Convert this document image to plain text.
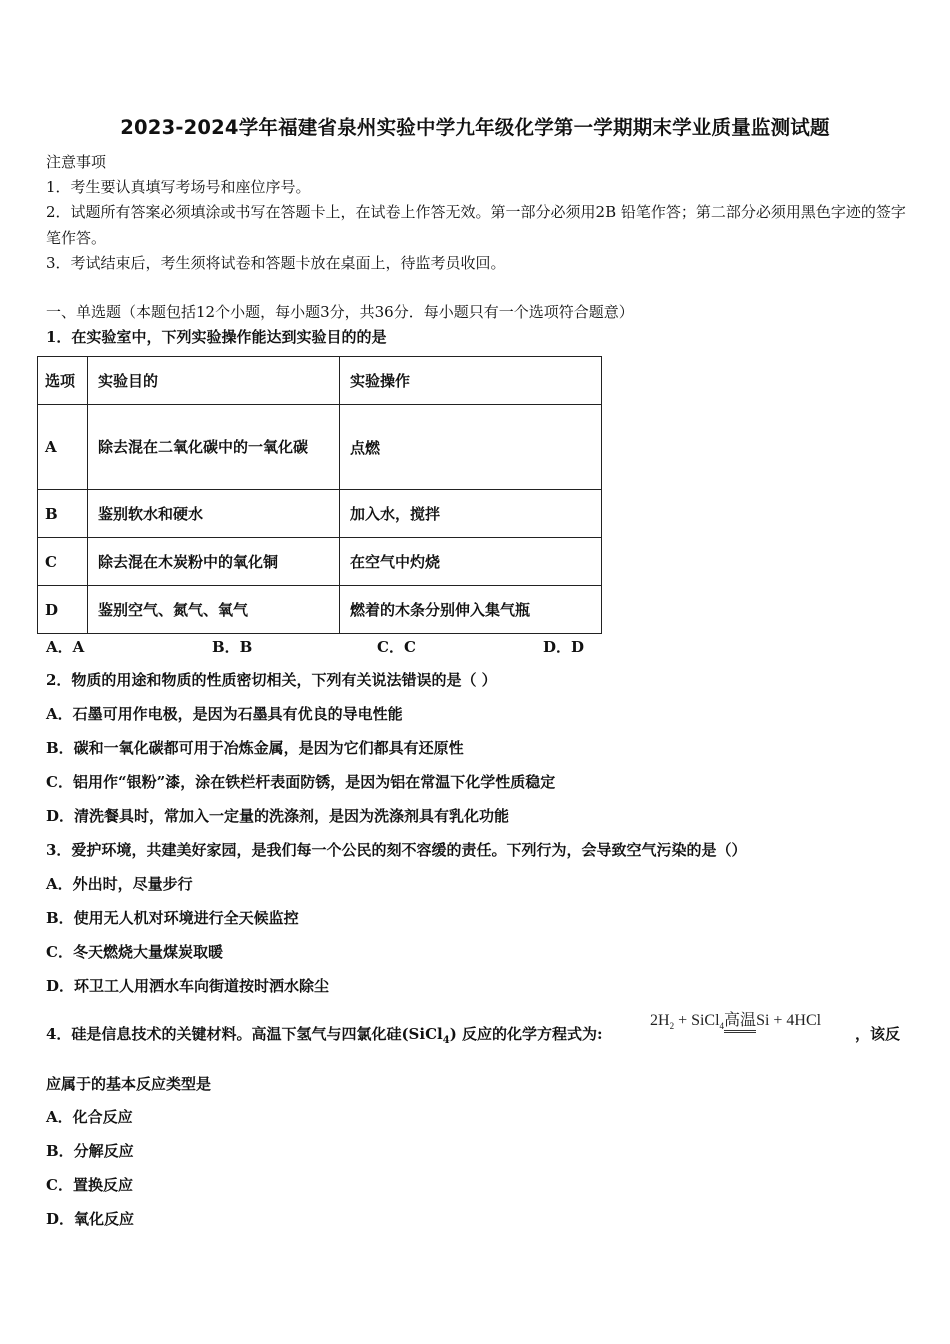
2023-2024学年福建省泉州实验中学九年级化学第一学期期末学业质量监测试题
注意事项
1．考生要认真填写考场号和座位序号。
2．试题所有答案必须填涂或书写在答题卡上，在试卷上作答无效。第一部分必须用2B 铅笔作答；第二部分必须用黑色字迹的签字笔作答。
3．考试结束后，考生须将试卷和答题卡放在桌面上，待监考员收回。
一、单选题（本题包括12个小题，每小题3分，共36分．每小题只有一个选项符合题意）
1．在实验室中，下列实验操作能达到实验目的的是
选项	实验目的	实验操作
A	除去混在二氧化碳中的一氧化碳	点燃
B	鉴别软水和硬水	加入水，搅拌
C	除去混在木炭粉中的氧化铜	在空气中灼烧
D	鉴别空气、氮气、氧气	燃着的木条分别伸入集气瓶
A．A	B．B	C．C	D．D
2．物质的用途和物质的性质密切相关，下列有关说法错误的是（ ）
A．石墨可用作电极，是因为石墨具有优良的导电性能
B．碳和一氧化碳都可用于冶炼金属，是因为它们都具有还原性
C．铝用作“银粉”漆，涂在铁栏杆表面防锈，是因为铝在常温下化学性质稳定
D．清洗餐具时，常加入一定量的洗涤剂，是因为洗涤剂具有乳化功能
3．爱护环境，共建美好家园，是我们每一个公民的刻不容缓的责任。下列行为，会导致空气污染的是（）
A．外出时，尽量步行
B．使用无人机对环境进行全天候监控
C．冬天燃烧大量煤炭取暖
D．环卫工人用洒水车向街道按时洒水除尘
4．硅是信息技术的关键材料。高温下氢气与四氯化硅(SiCl$_4$) 反应的化学方程式为:
$2H_2$ + SiCl$_4$高温Si + 4HCl
，该反
应属于的基本反应类型是
A．化合反应
B．分解反应
C．置换反应
D．氧化反应
